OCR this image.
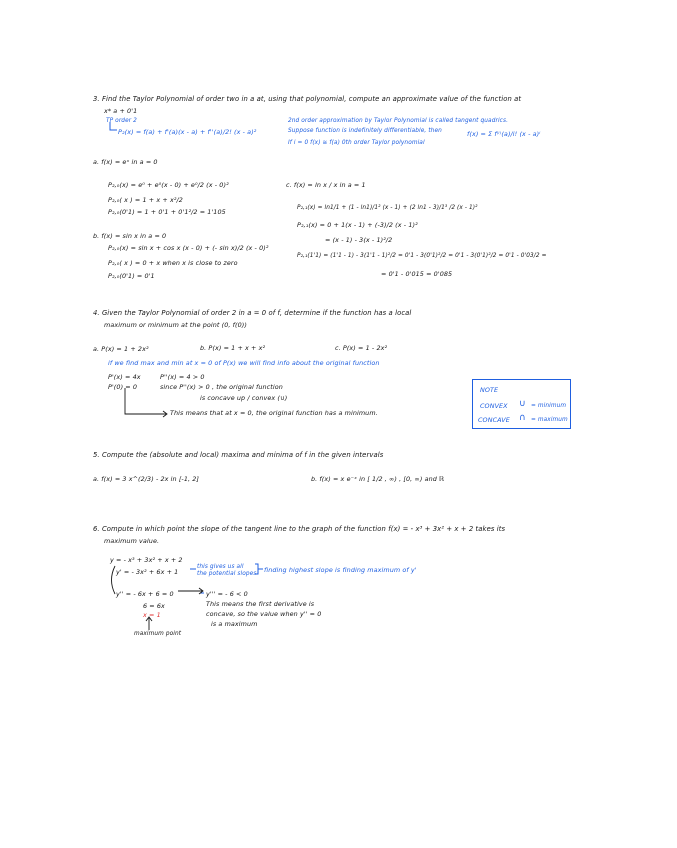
3. Find the Taylor Polynomial of order two in a at, using that polynomial, compute an approximate value of the function at
x* a + 0'1
TP order 2
P₂(x) = f(a) + f'(a)(x - a) + f''(a)/2! (x - a)²
2nd order approximation by Taylor Polynomial is called tangent quadrics.
Suppose function is indefinitely differentiable, then
If i = 0 f(x) ≅ f(a) 0th order Taylor polynomial
f(x) = Σ f⁽ⁱ⁾(a)/i! (x - a)ⁱ
a. f(x) = eˣ in a = 0
P₂,₀(x) = e⁰ + e⁰(x - 0) + e⁰/2 (x - 0)²
P₂,₀( x ) = 1 + x + x²/2
P₂,₀(0'1) = 1 + 0'1 + 0'1²/2 = 1'105
b. f(x) = sin x in a = 0
P₂,₀(x) = sin x + cos x (x - 0) + (- sin x)/2 (x - 0)²
P₂,₀( x ) = 0 + x when x is close to zero
P₂,₀(0'1) = 0'1
c. f(x) = ln x / x in a = 1
P₂,₁(x) = ln1/1 + (1 - ln1)/1² (x - 1) + (2 ln1 - 3)/1³ /2 (x - 1)²
P₂,₁(x) = 0 + 1(x - 1) + (-3)/2 (x - 1)²
= (x - 1) - 3(x - 1)²/2
P₂,₁(1'1) = (1'1 - 1) - 3(1'1 - 1)²/2 = 0'1 - 3(0'1)²/2 = 0'1 - 3(0'1)²/2 = 0'1 - 0'03/2 =
= 0'1 - 0'015 = 0'085
4. Given the Taylor Polynomial of order 2 in a = 0 of f, determine if the function has a local
maximum or minimum at the point (0, f(0))
a. P(x) = 1 + 2x²	b. P(x) = 1 + x + x²	c. P(x) = 1 - 2x²
if we find max and min at x = 0 of P(x) we will find info about the original function
P'(x) = 4x	P''(x) = 4 > 0
P'(0) = 0	since P''(x) > 0 , the original function
is concave up / convex (∪)
This means that at x = 0, the original function has a minimum.
NOTE
CONVEX ∪ = minimum
CONCAVE ∩ = maximum
5. Compute the (absolute and local) maxima and minima of f in the given intervals
a. f(x) = 3 x^(2/3) - 2x in [-1, 2]	b. f(x) = x e⁻ˣ in [ 1/2 , ∞) , [0, ∞) and ℝ
6. Compute in which point the slope of the tangent line to the graph of the function f(x) = - x³ + 3x² + x + 2 takes its
maximum value.
y = - x³ + 3x² + x + 2
y' = - 3x² + 6x + 1
this gives us all
the potential slopes finding highest slope is finding maximum of y'
y'' = - 6x + 6 = 0	y''' = - 6 < 0
6 = 6x
x = 1
This means the first derivative is
concave, so the value when y'' = 0
is a maximum
maximum point
